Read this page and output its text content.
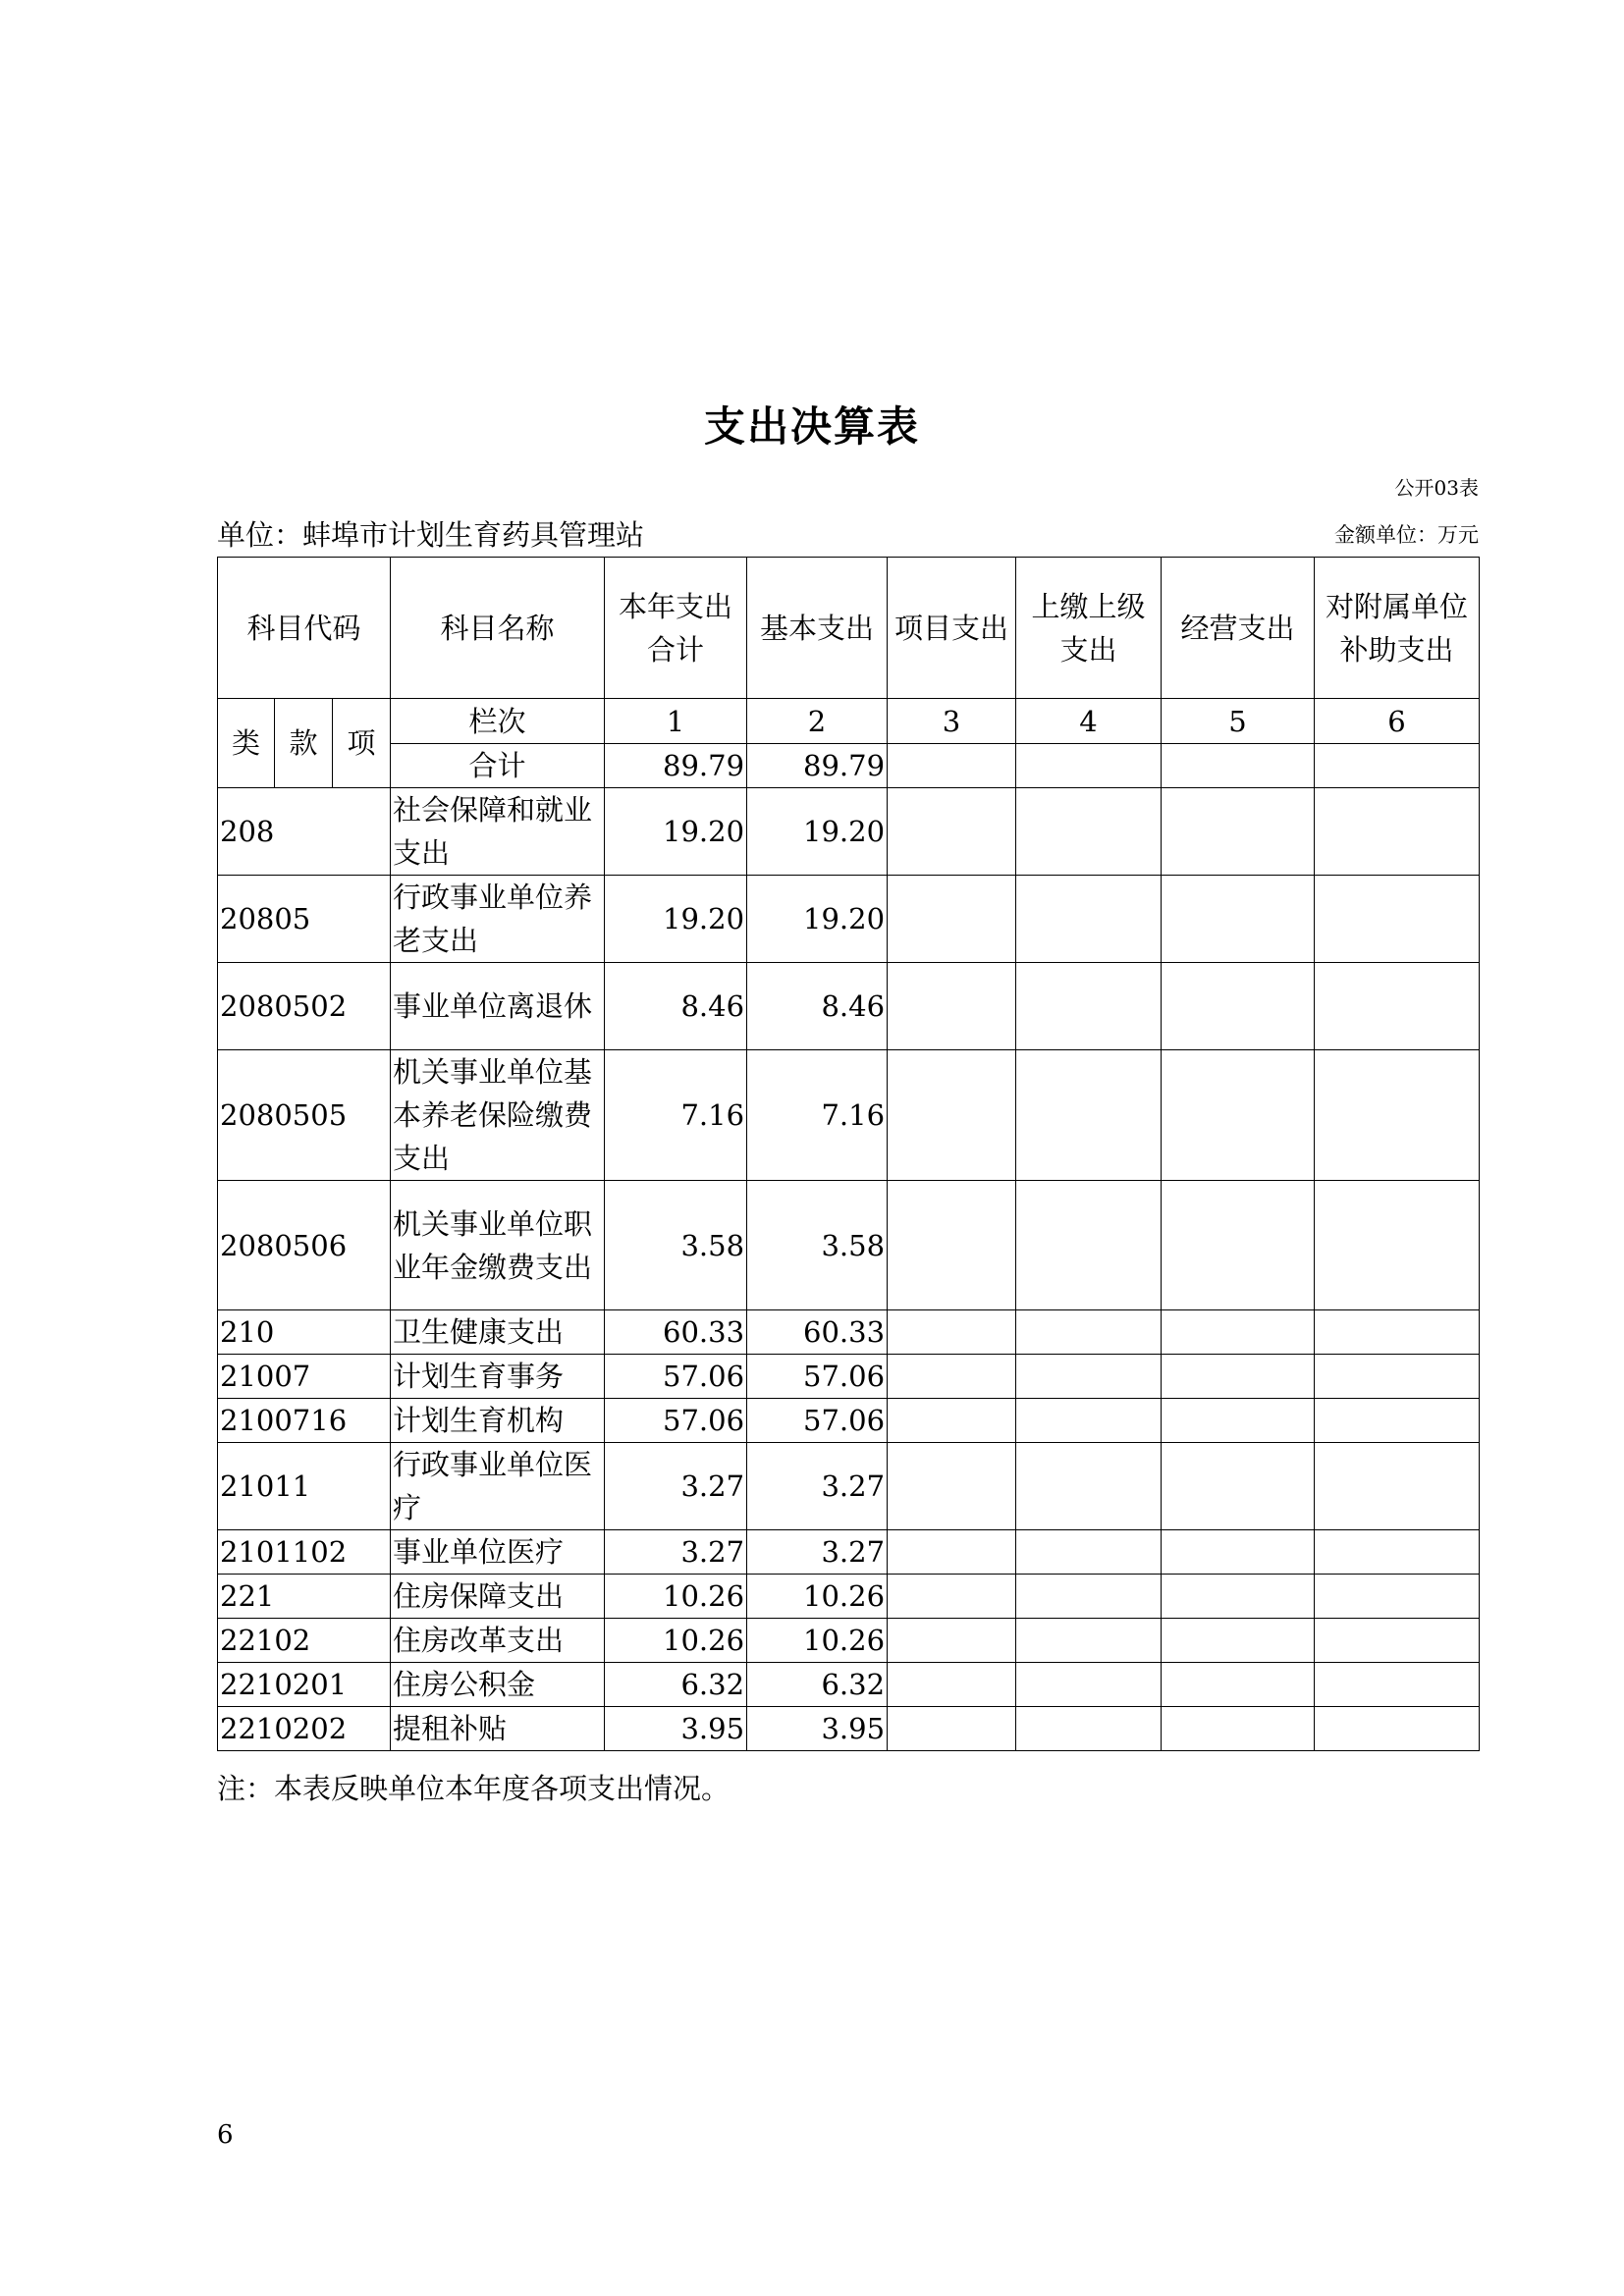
支出决算表
公开03表
单位：蚌埠市计划生育药具管理站	金额单位：万元
科目代码			科目名称	本年支出合计	基本支出	项目支出	上缴上级支出	经营支出	对附属单位补助支出
类	款	项	栏次	1	2	3	4	5	6
			合计	89.79	89.79				
208			社会保障和就业支出	19.20	19.20				
20805			行政事业单位养老支出	19.20	19.20				
2080502			事业单位离退休	8.46	8.46				
2080505			机关事业单位基本养老保险缴费支出	7.16	7.16				
2080506			机关事业单位职业年金缴费支出	3.58	3.58				
210			卫生健康支出	60.33	60.33				
21007			计划生育事务	57.06	57.06				
2100716			计划生育机构	57.06	57.06				
21011			行政事业单位医疗	3.27	3.27				
2101102			事业单位医疗	3.27	3.27				
221			住房保障支出	10.26	10.26				
22102			住房改革支出	10.26	10.26				
2210201			住房公积金	6.32	6.32				
2210202			提租补贴	3.95	3.95				
注：本表反映单位本年度各项支出情况。
6
